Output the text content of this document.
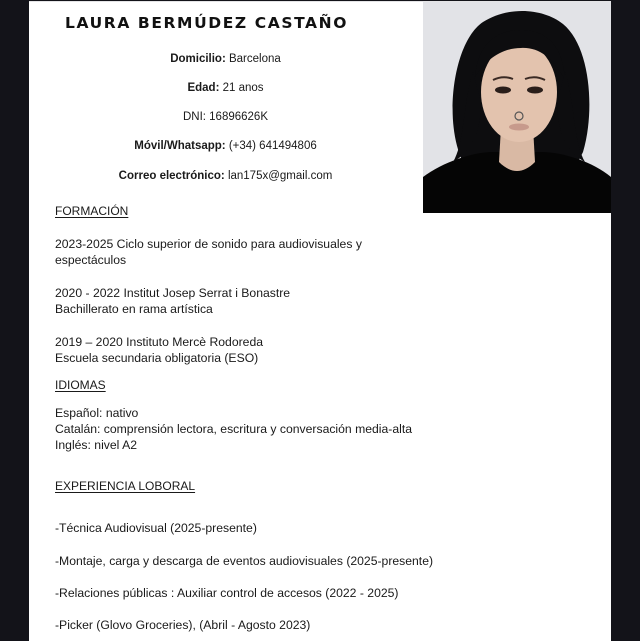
LAURA BERMÚDEZ CASTAÑO
Domicilio: Barcelona
Edad: 21 anos
DNI: 16896626K
Móvil/Whatsapp: (+34) 641494806
Correo electrónico: lan175x@gmail.com
FORMACIÓN
2023-2025 Ciclo superior de sonido para audiovisuales y
espectáculos
2020 - 2022 Institut Josep Serrat i Bonastre
Bachillerato en rama artística
2019 – 2020 Instituto Mercè Rodoreda
Escuela secundaria obligatoria (ESO)
IDIOMAS
Español: nativo
Catalán: comprensión lectora, escritura y conversación media-alta
Inglés: nivel A2
EXPERIENCIA LOBORAL
-Técnica Audiovisual (2025-presente)
-Montaje, carga y descarga de eventos audiovisuales (2025-presente)
-Relaciones públicas : Auxiliar control de accesos (2022 - 2025)
-Picker (Glovo Groceries), (Abril - Agosto 2023)
